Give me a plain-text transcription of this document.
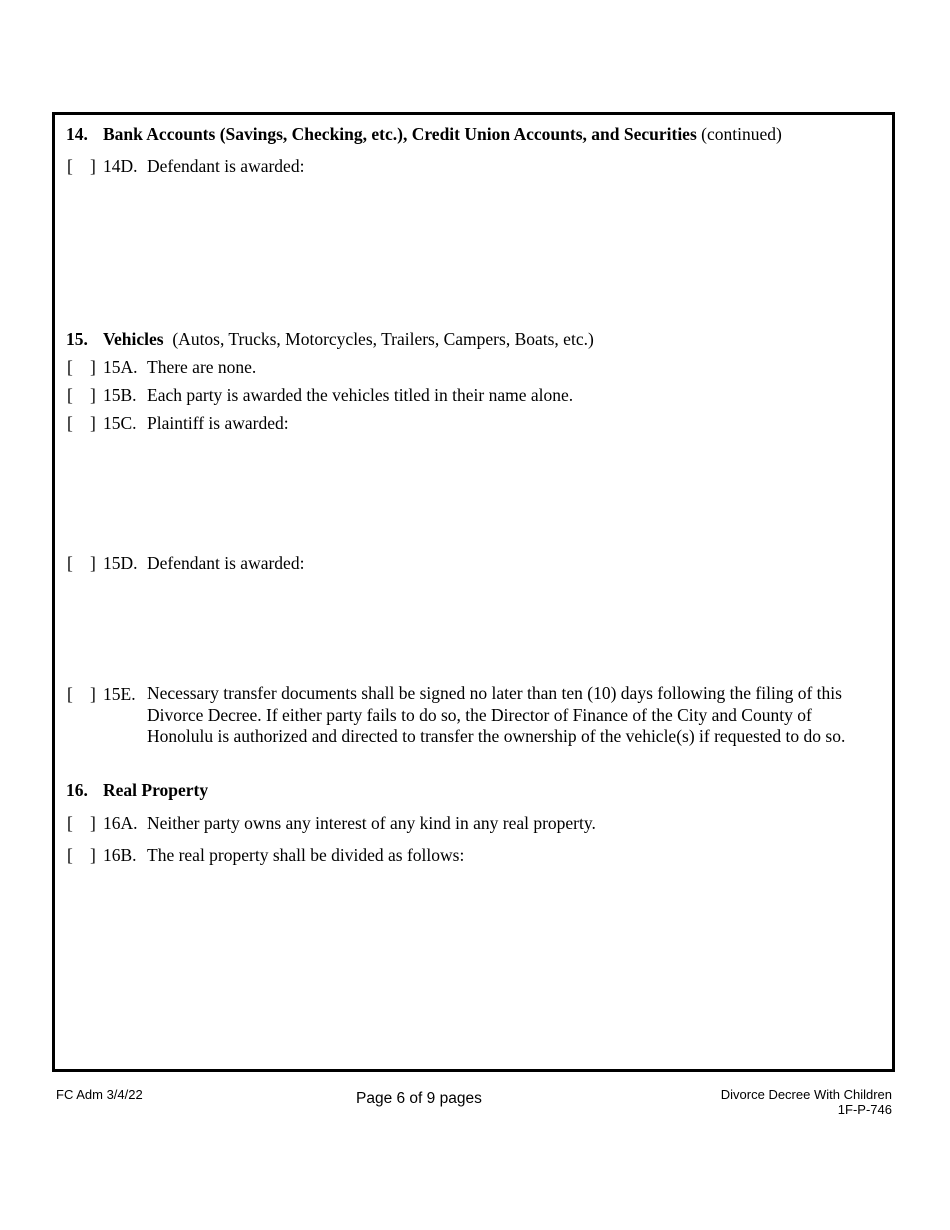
14. Bank Accounts (Savings, Checking, etc.), Credit Union Accounts, and Securities (continued)
[ ] 14D. Defendant is awarded:
15. Vehicles (Autos, Trucks, Motorcycles, Trailers, Campers, Boats, etc.)
[ ] 15A. There are none.
[ ] 15B. Each party is awarded the vehicles titled in their name alone.
[ ] 15C. Plaintiff is awarded:
[ ] 15D. Defendant is awarded:
[ ] 15E. Necessary transfer documents shall be signed no later than ten (10) days following the filing of this Divorce Decree. If either party fails to do so, the Director of Finance of the City and County of Honolulu is authorized and directed to transfer the ownership of the vehicle(s) if requested to do so.
16. Real Property
[ ] 16A. Neither party owns any interest of any kind in any real property.
[ ] 16B. The real property shall be divided as follows:
FC Adm 3/4/22	Page 6 of 9 pages	Divorce Decree With Children
1F-P-746
